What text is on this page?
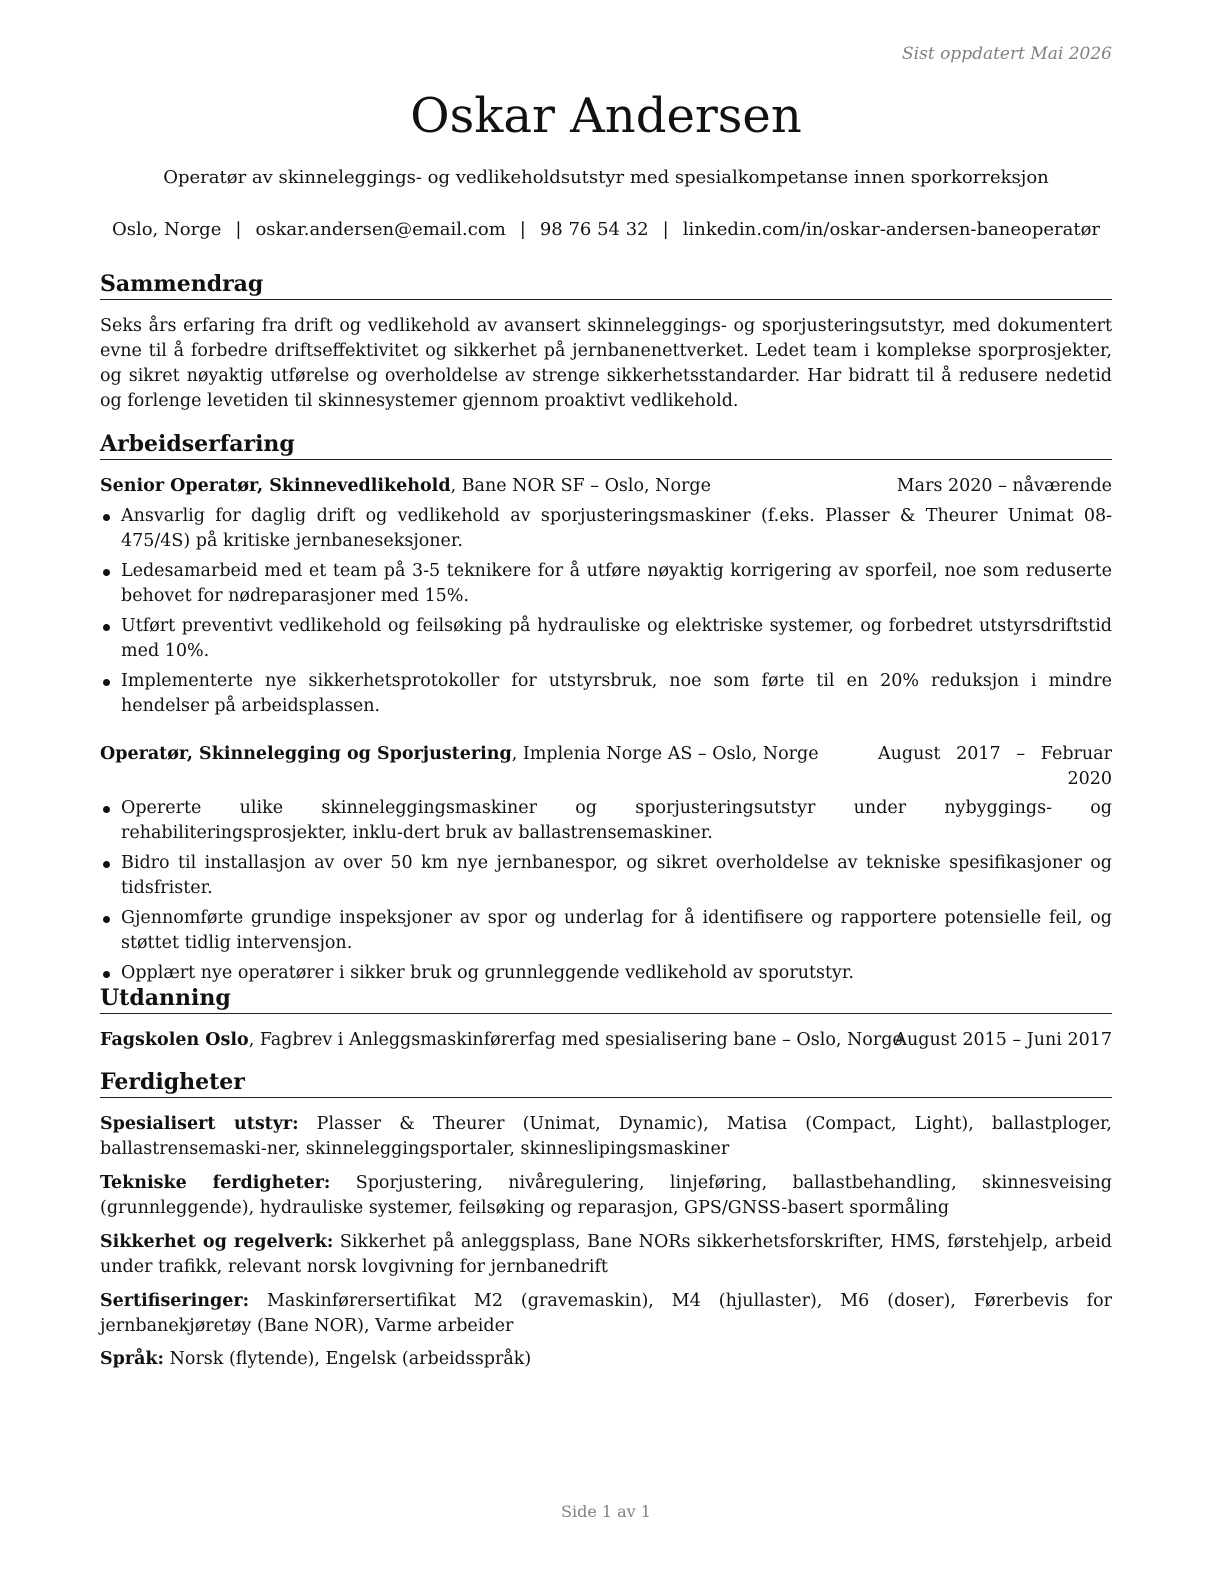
Sist oppdatert Mai 2026
Oskar Andersen
Operatør av skinneleggings- og vedlikeholdsutstyr med spesialkompetanse innen sporkorreksjon
Oslo, Norge | oskar.andersen@email.com | 98 76 54 32 | linkedin.com/in/oskar-andersen-baneoperatør
Sammendrag
Seks års erfaring fra drift og vedlikehold av avansert skinneleggings- og sporjusteringsutstyr, med dokumentert evne til å forbedre driftseffektivitet og sikkerhet på jernbanenettverket. Ledet team i komplekse sporprosjekter, og sikret nøyaktig utførelse og overholdelse av strenge sikkerhetsstandarder. Har bidratt til å redusere nedetid og forlenge levetiden til skinnesystemer gjennom proaktivt vedlikehold.
Arbeidserfaring
Senior Operatør, Skinnevedlikehold, Bane NOR SF – Oslo, Norge	Mars 2020 – nåværende
Ansvarlig for daglig drift og vedlikehold av sporjusteringsmaskiner (f.eks. Plasser & Theurer Unimat 08-475/4S) på kritiske jernbaneseksjoner.
Ledesamarbeid med et team på 3-5 teknikere for å utføre nøyaktig korrigering av sporfeil, noe som reduserte behovet for nødreparasjoner med 15%.
Utført preventivt vedlikehold og feilsøking på hydrauliske og elektriske systemer, og forbedret utstyrsdriftstid med 10%.
Implementerte nye sikkerhetsprotokoller for utstyrsbruk, noe som førte til en 20% reduksjon i mindre hendelser på arbeidsplassen.
Operatør, Skinnelegging og Sporjustering, Implenia Norge AS – Oslo, Norge	August 2017 – Februar
2020
Opererte ulike skinneleggingsmaskiner og sporjusteringsutstyr under nybyggings- og rehabiliteringsprosjekter, inklu-dert bruk av ballastrensemaskiner.
Bidro til installasjon av over 50 km nye jernbanespor, og sikret overholdelse av tekniske spesifikasjoner og tidsfrister.
Gjennomførte grundige inspeksjoner av spor og underlag for å identifisere og rapportere potensielle feil, og støttet tidlig intervensjon.
Opplært nye operatører i sikker bruk og grunnleggende vedlikehold av sporutstyr.
Utdanning
Fagskolen Oslo, Fagbrev i Anleggsmaskinførerfag med spesialisering bane – Oslo, Norge
August 2015 – Juni 2017
Ferdigheter
Spesialisert utstyr: Plasser & Theurer (Unimat, Dynamic), Matisa (Compact, Light), ballastploger, ballastrensemaski-ner, skinneleggingsportaler, skinneslipingsmaskiner
Tekniske ferdigheter: Sporjustering, nivåregulering, linjeføring, ballastbehandling, skinnesveising (grunnleggende), hydrauliske systemer, feilsøking og reparasjon, GPS/GNSS-basert spormåling
Sikkerhet og regelverk: Sikkerhet på anleggsplass, Bane NORs sikkerhetsforskrifter, HMS, førstehjelp, arbeid under trafikk, relevant norsk lovgivning for jernbanedrift
Sertifiseringer: Maskinførersertifikat M2 (gravemaskin), M4 (hjullaster), M6 (doser), Førerbevis for jernbanekjøretøy (Bane NOR), Varme arbeider
Språk: Norsk (flytende), Engelsk (arbeidsspråk)
Side 1 av 1
